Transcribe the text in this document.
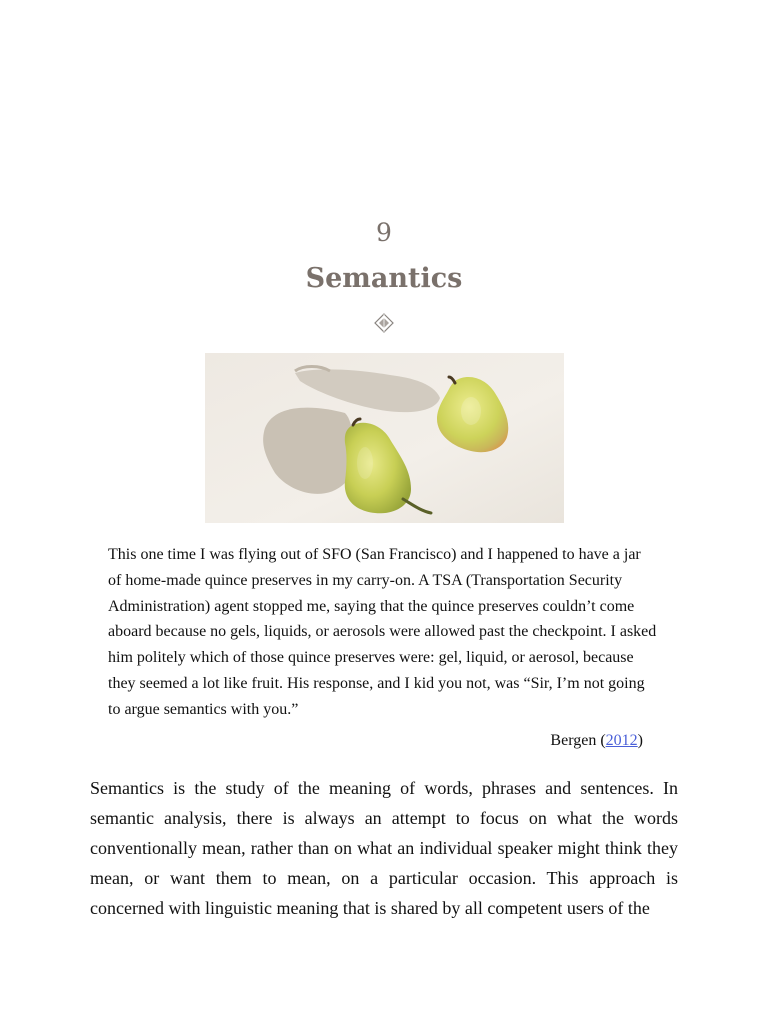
9
Semantics
This one time I was flying out of SFO (San Francisco) and I happened to have a jar of home-made quince preserves in my carry-on. A TSA (Transportation Security Administration) agent stopped me, saying that the quince preserves couldn’t come aboard because no gels, liquids, or aerosols were allowed past the checkpoint. I asked him politely which of those quince preserves were: gel, liquid, or aerosol, because they seemed a lot like fruit. His response, and I kid you not, was “Sir, I’m not going to argue semantics with you.”
Bergen (2012)
Semantics is the study of the meaning of words, phrases and sentences. In semantic analysis, there is always an attempt to focus on what the words conventionally mean, rather than on what an individual speaker might think they mean, or want them to mean, on a particular occasion. This approach is concerned with linguistic meaning that is shared by all competent users of the
